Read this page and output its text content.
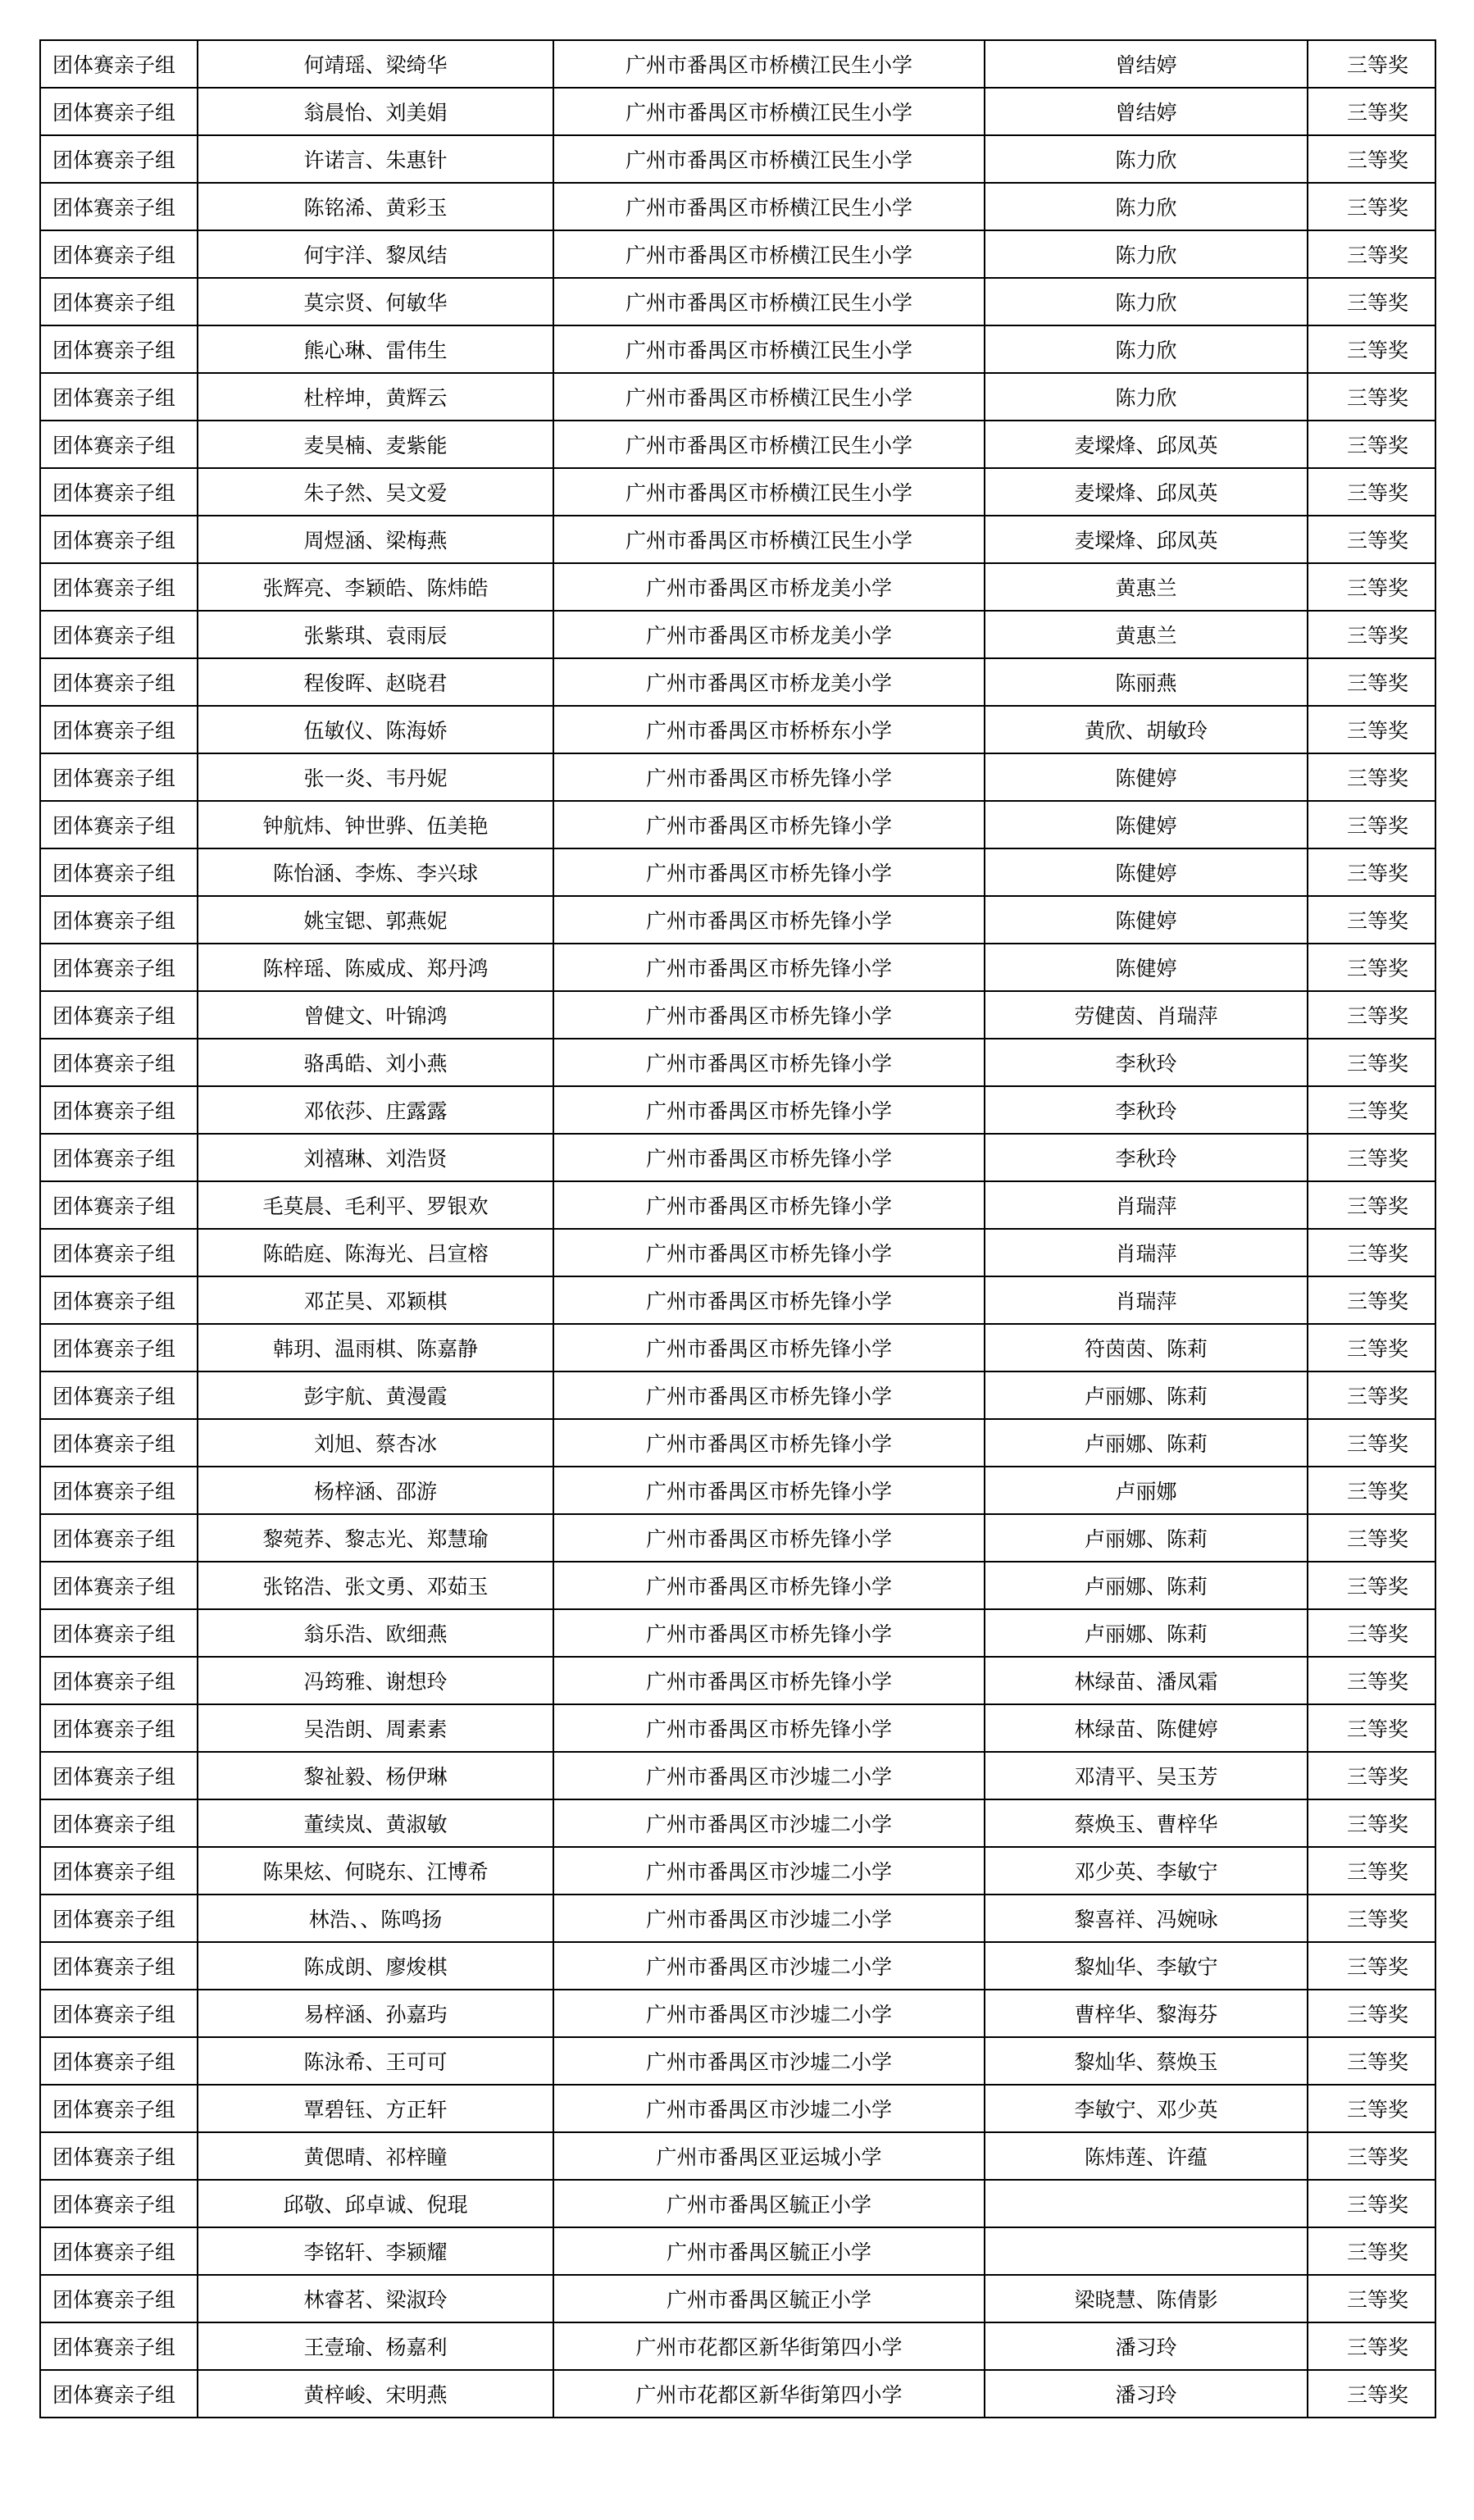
团体赛亲子组	何靖瑶、梁绮华	广州市番禺区市桥横江民生小学	曾结婷	三等奖
团体赛亲子组	翁晨怡、刘美娟	广州市番禺区市桥横江民生小学	曾结婷	三等奖
团体赛亲子组	许诺言、朱惠针	广州市番禺区市桥横江民生小学	陈力欣	三等奖
团体赛亲子组	陈铭浠、黄彩玉	广州市番禺区市桥横江民生小学	陈力欣	三等奖
团体赛亲子组	何宇洋、黎凤结	广州市番禺区市桥横江民生小学	陈力欣	三等奖
团体赛亲子组	莫宗贤、何敏华	广州市番禺区市桥横江民生小学	陈力欣	三等奖
团体赛亲子组	熊心琳、雷伟生	广州市番禺区市桥横江民生小学	陈力欣	三等奖
团体赛亲子组	杜梓坤，黄辉云	广州市番禺区市桥横江民生小学	陈力欣	三等奖
团体赛亲子组	麦昊楠、麦紫能	广州市番禺区市桥横江民生小学	麦墚烽、邱凤英	三等奖
团体赛亲子组	朱子然、吴文爱	广州市番禺区市桥横江民生小学	麦墚烽、邱凤英	三等奖
团体赛亲子组	周煜涵、梁梅燕	广州市番禺区市桥横江民生小学	麦墚烽、邱凤英	三等奖
团体赛亲子组	张辉亮、李颖皓、陈炜皓	广州市番禺区市桥龙美小学	黄惠兰	三等奖
团体赛亲子组	张紫琪、袁雨辰	广州市番禺区市桥龙美小学	黄惠兰	三等奖
团体赛亲子组	程俊晖、赵晓君	广州市番禺区市桥龙美小学	陈丽燕	三等奖
团体赛亲子组	伍敏仪、陈海娇	广州市番禺区市桥桥东小学	黄欣、胡敏玲	三等奖
团体赛亲子组	张一炎、韦丹妮	广州市番禺区市桥先锋小学	陈健婷	三等奖
团体赛亲子组	钟航炜、钟世骅、伍美艳	广州市番禺区市桥先锋小学	陈健婷	三等奖
团体赛亲子组	陈怡涵、李炼、李兴球	广州市番禺区市桥先锋小学	陈健婷	三等奖
团体赛亲子组	姚宝锶、郭燕妮	广州市番禺区市桥先锋小学	陈健婷	三等奖
团体赛亲子组	陈梓瑶、陈威成、郑丹鸿	广州市番禺区市桥先锋小学	陈健婷	三等奖
团体赛亲子组	曾健文、叶锦鸿	广州市番禺区市桥先锋小学	劳健茵、肖瑞萍	三等奖
团体赛亲子组	骆禹皓、刘小燕	广州市番禺区市桥先锋小学	李秋玲	三等奖
团体赛亲子组	邓依莎、庄露露	广州市番禺区市桥先锋小学	李秋玲	三等奖
团体赛亲子组	刘禧琳、刘浩贤	广州市番禺区市桥先锋小学	李秋玲	三等奖
团体赛亲子组	毛莫晨、毛利平、罗银欢	广州市番禺区市桥先锋小学	肖瑞萍	三等奖
团体赛亲子组	陈皓庭、陈海光、吕宣榕	广州市番禺区市桥先锋小学	肖瑞萍	三等奖
团体赛亲子组	邓芷昊、邓颖棋	广州市番禺区市桥先锋小学	肖瑞萍	三等奖
团体赛亲子组	韩玥、温雨棋、陈嘉静	广州市番禺区市桥先锋小学	符茵茵、陈莉	三等奖
团体赛亲子组	彭宇航、黄漫霞	广州市番禺区市桥先锋小学	卢丽娜、陈莉	三等奖
团体赛亲子组	刘旭、蔡杏冰	广州市番禺区市桥先锋小学	卢丽娜、陈莉	三等奖
团体赛亲子组	杨梓涵、邵游	广州市番禺区市桥先锋小学	卢丽娜	三等奖
团体赛亲子组	黎菀荞、黎志光、郑慧瑜	广州市番禺区市桥先锋小学	卢丽娜、陈莉	三等奖
团体赛亲子组	张铭浩、张文勇、邓茹玉	广州市番禺区市桥先锋小学	卢丽娜、陈莉	三等奖
团体赛亲子组	翁乐浩、欧细燕	广州市番禺区市桥先锋小学	卢丽娜、陈莉	三等奖
团体赛亲子组	冯筠雅、谢想玲	广州市番禺区市桥先锋小学	林绿苗、潘凤霜	三等奖
团体赛亲子组	吴浩朗、周素素	广州市番禺区市桥先锋小学	林绿苗、陈健婷	三等奖
团体赛亲子组	黎祉毅、杨伊琳	广州市番禺区市沙墟二小学	邓清平、吴玉芳	三等奖
团体赛亲子组	董续岚、黄淑敏	广州市番禺区市沙墟二小学	蔡焕玉、曹梓华	三等奖
团体赛亲子组	陈果炫、何晓东、江博希	广州市番禺区市沙墟二小学	邓少英、李敏宁	三等奖
团体赛亲子组	林浩、、陈鸣扬	广州市番禺区市沙墟二小学	黎喜祥、冯婉咏	三等奖
团体赛亲子组	陈成朗、廖焌棋	广州市番禺区市沙墟二小学	黎灿华、李敏宁	三等奖
团体赛亲子组	易梓涵、孙嘉玙	广州市番禺区市沙墟二小学	曹梓华、黎海芬	三等奖
团体赛亲子组	陈泳希、王可可	广州市番禺区市沙墟二小学	黎灿华、蔡焕玉	三等奖
团体赛亲子组	覃碧钰、方正轩	广州市番禺区市沙墟二小学	李敏宁、邓少英	三等奖
团体赛亲子组	黄偲晴、祁梓瞳	广州市番禺区亚运城小学	陈炜莲、许蕴	三等奖
团体赛亲子组	邱敬、邱卓诚、倪琨	广州市番禺区毓正小学		三等奖
团体赛亲子组	李铭轩、李颍耀	广州市番禺区毓正小学		三等奖
团体赛亲子组	林睿茗、梁淑玲	广州市番禺区毓正小学	梁晓慧、陈倩影	三等奖
团体赛亲子组	王壹瑜、杨嘉利	广州市花都区新华街第四小学	潘习玲	三等奖
团体赛亲子组	黄梓峻、宋明燕	广州市花都区新华街第四小学	潘习玲	三等奖
